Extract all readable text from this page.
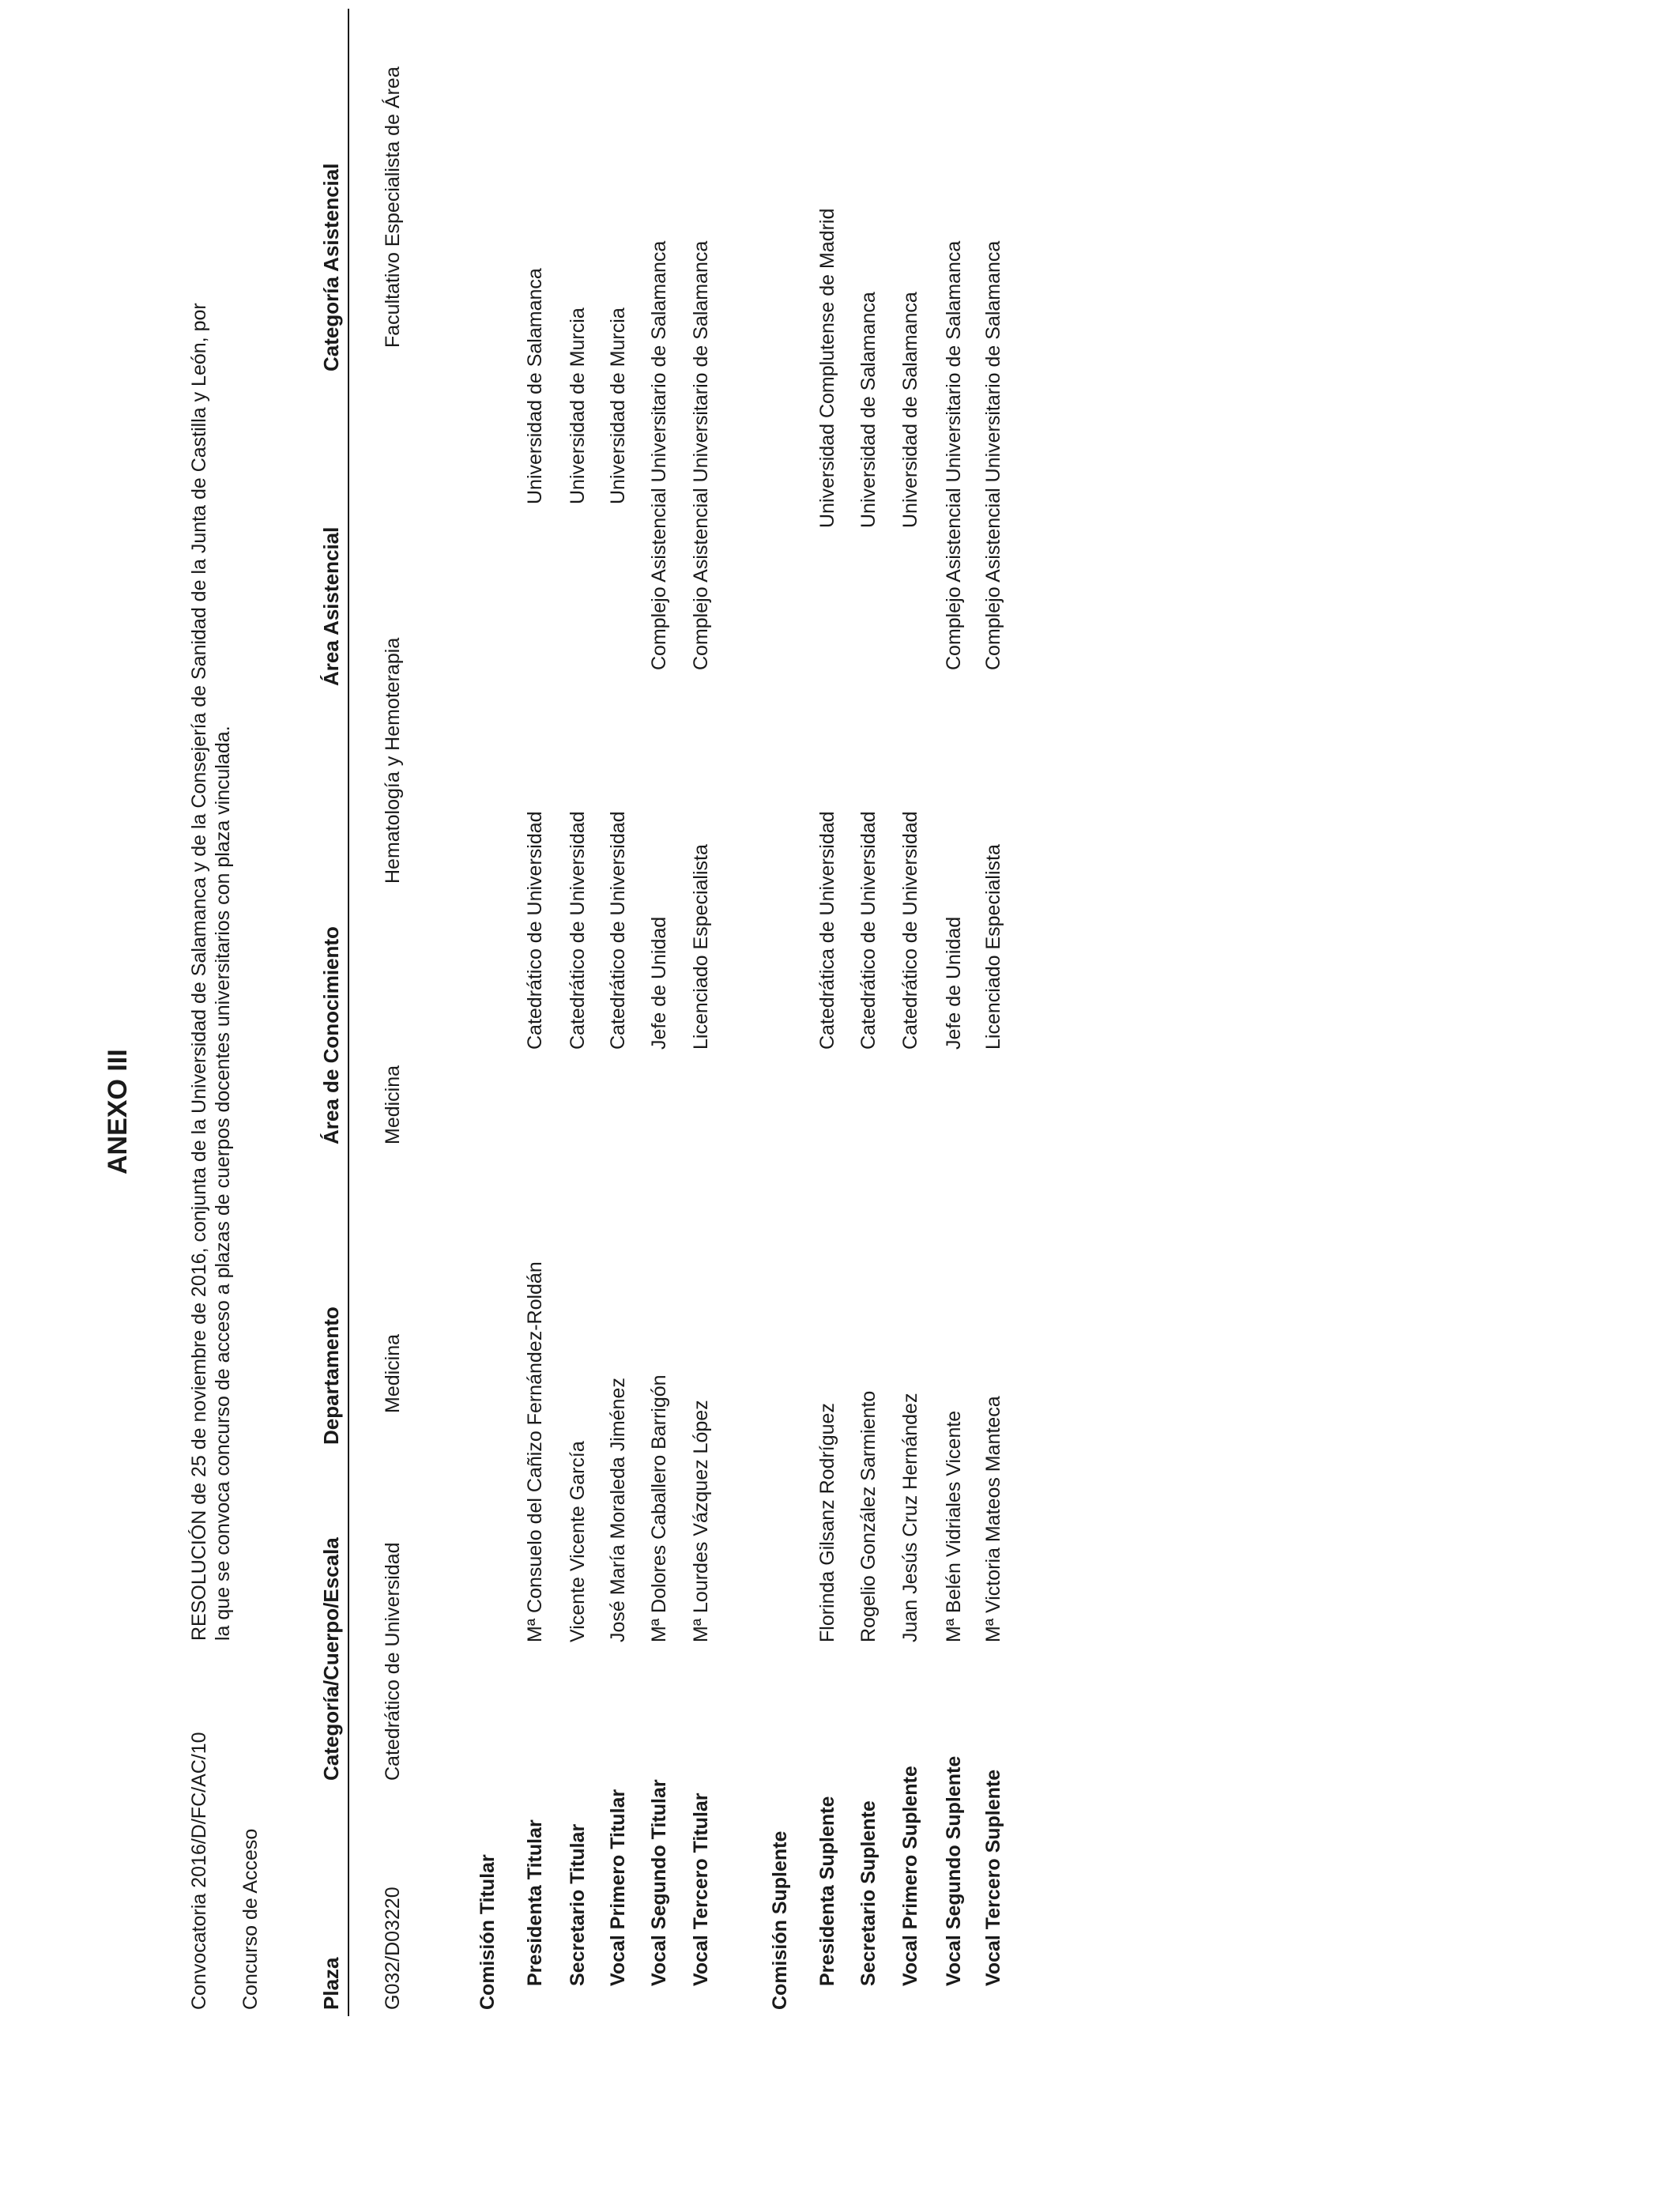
ANEXO III
Convocatoria 2016/D/FC/AC/10
RESOLUCIÓN de 25 de noviembre de 2016, conjunta de la Universidad de Salamanca y de la Consejería de Sanidad de la Junta de Castilla y León, por la que se convoca concurso de acceso a plazas de cuerpos docentes universitarios con plaza vinculada.
Concurso de Acceso	Plaza
Categoría/Cuerpo/Escala
Departamento
Área de Conocimiento
Área Asistencial
Categoría Asistencial
G032/D03220
Catedrático de Universidad
Medicina
Medicina
Hematología y Hemoterapia
Facultativo Especialista de Área
Comisión Titular Presidenta Titular
Mª Consuelo del Cañizo Fernández-Roldán
Catedrático de Universidad
Universidad de Salamanca
Secretario Titular
Vicente Vicente García
Catedrático de Universidad
Universidad de Murcia
Vocal Primero Titular
José María Moraleda Jiménez
Catedrático de Universidad
Universidad de Murcia
Vocal Segundo Titular
Mª Dolores Caballero Barrigón
Jefe de Unidad
Complejo Asistencial Universitario de Salamanca
Vocal Tercero Titular
Mª Lourdes Vázquez López
Licenciado Especialista
Complejo Asistencial Universitario de Salamanca
Comisión Suplente Presidenta Suplente
Florinda Gilsanz Rodríguez
Catedrática de Universidad
Universidad Complutense de Madrid
Secretario Suplente
Rogelio González Sarmiento
Catedrático de Universidad
Universidad de Salamanca
Vocal Primero Suplente
Juan Jesús Cruz Hernández
Catedrático de Universidad
Universidad de Salamanca
Vocal Segundo Suplente
Mª Belén Vidriales Vicente
Jefe de Unidad
Complejo Asistencial Universitario de Salamanca
Vocal Tercero Suplente
Mª Victoria Mateos Manteca
Licenciado Especialista
Complejo Asistencial Universitario de Salamanca
